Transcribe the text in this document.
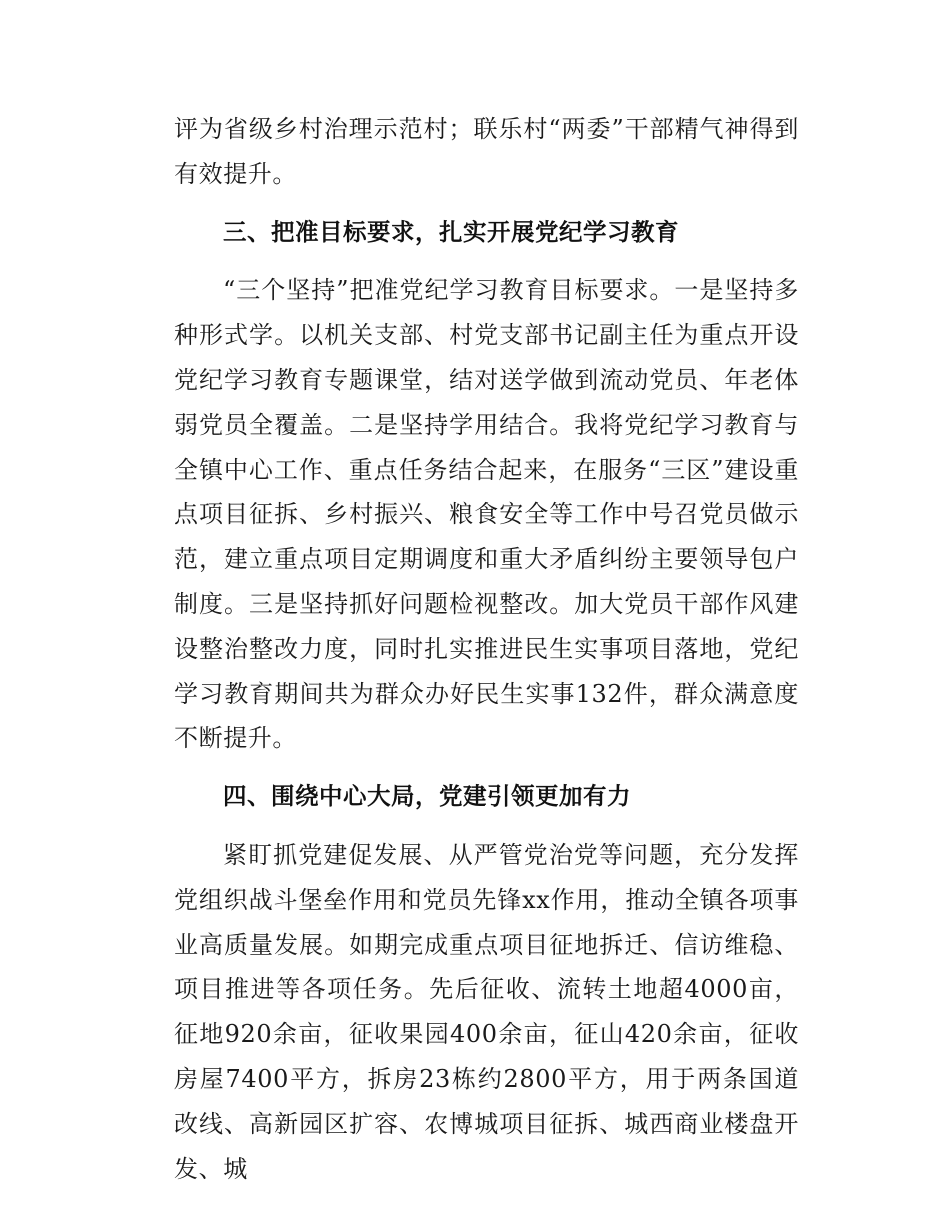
评为省级乡村治理示范村；联乐村“两委”干部精气神得到有效提升。

三、把准目标要求，扎实开展党纪学习教育

“三个坚持”把准党纪学习教育目标要求。一是坚持多种形式学。以机关支部、村党支部书记副主任为重点开设党纪学习教育专题课堂，结对送学做到流动党员、年老体弱党员全覆盖。二是坚持学用结合。我将党纪学习教育与全镇中心工作、重点任务结合起来，在服务“三区”建设重点项目征拆、乡村振兴、粮食安全等工作中号召党员做示范，建立重点项目定期调度和重大矛盾纠纷主要领导包户制度。三是坚持抓好问题检视整改。加大党员干部作风建设整治整改力度，同时扎实推进民生实事项目落地，党纪学习教育期间共为群众办好民生实事132件，群众满意度不断提升。

四、围绕中心大局，党建引领更加有力

紧盯抓党建促发展、从严管党治党等问题，充分发挥党组织战斗堡垒作用和党员先锋xx作用，推动全镇各项事业高质量发展。如期完成重点项目征地拆迁、信访维稳、项目推进等各项任务。先后征收、流转土地超4000亩，征地920余亩，征收果园400余亩，征山420余亩，征收房屋7400平方，拆房23栋约2800平方，用于两条国道改线、高新园区扩容、农博城项目征拆、城西商业楼盘开发、城
